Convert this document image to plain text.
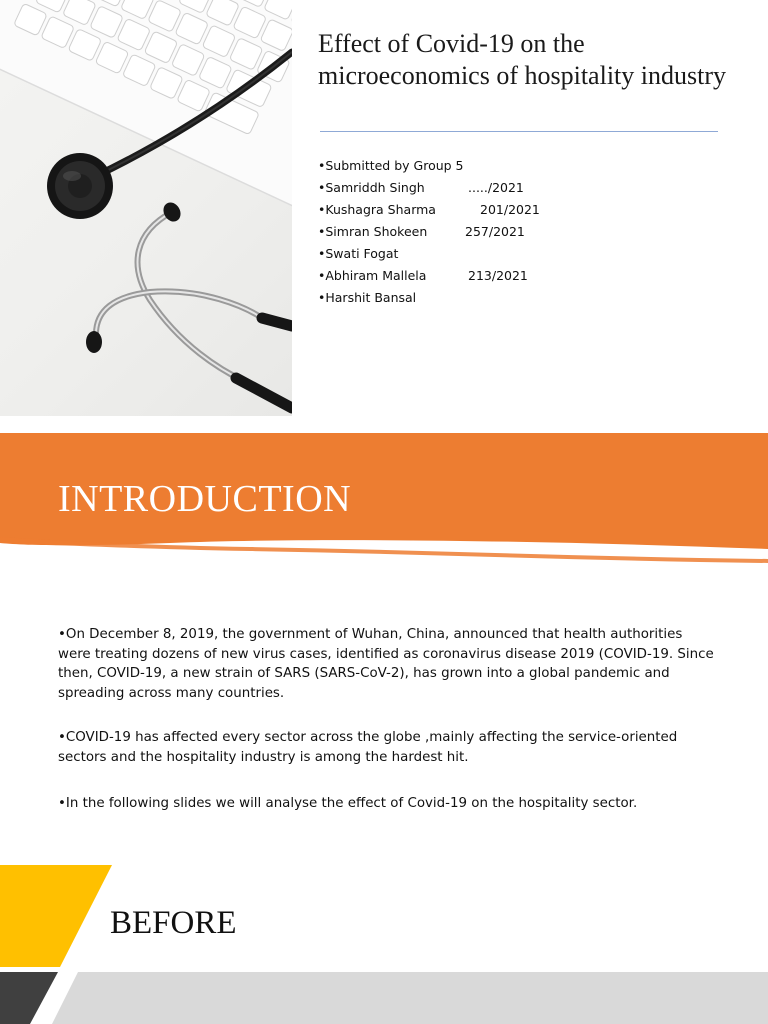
Effect of Covid-19 on the microeconomics of hospitality industry
•Submitted by Group 5
•Samriddh Singh	...../2021
•Kushagra Sharma	201/2021
•Simran Shokeen	257/2021
•Swati Fogat
•Abhiram Mallela	213/2021
•Harshit Bansal
INTRODUCTION

•On December 8, 2019, the government of Wuhan, China, announced that health authorities were treating dozens of new virus cases, identified as coronavirus disease 2019 (COVID-19. Since then, COVID-19, a new strain of SARS (SARS-CoV-2), has grown into a global pandemic and spreading across many countries.

•COVID-19 has affected every sector across the globe ,mainly affecting the service-oriented sectors and the hospitality industry is among the hardest hit.

•In the following slides we will analyse the effect of Covid-19 on the hospitality sector.

BEFORE
